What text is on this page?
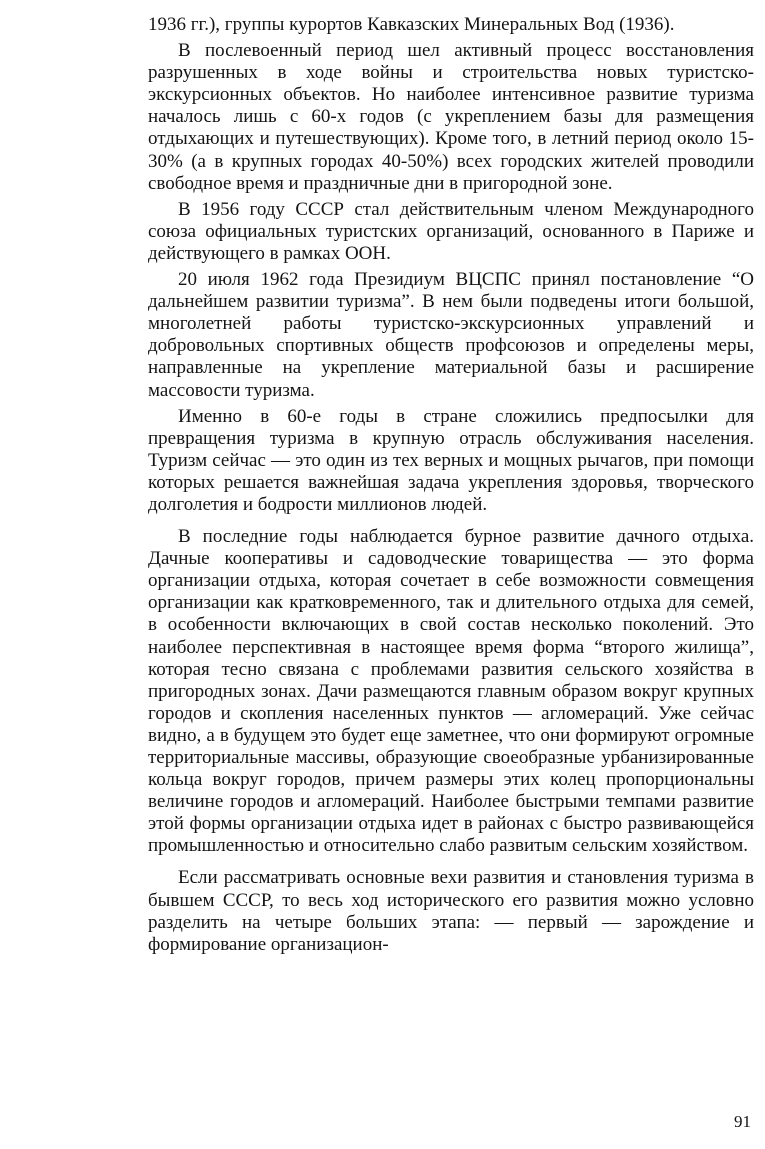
1936 гг.), группы курортов Кавказских Минеральных Вод (1936).

В послевоенный период шел активный процесс восстановления разрушенных в ходе войны и строительства новых туристско-экскурсионных объектов. Но наиболее интенсивное развитие туризма началось лишь с 60-х годов (с укреплением базы для размещения отдыхающих и путешествующих). Кроме того, в летний период около 15-30% (а в крупных городах 40-50%) всех городских жителей проводили свободное время и праздничные дни в пригородной зоне.

В 1956 году СССР стал действительным членом Международного союза официальных туристских организаций, основанного в Париже и действующего в рамках ООН.

20 июля 1962 года Президиум ВЦСПС принял постановление “О дальнейшем развитии туризма”. В нем были подведены итоги большой, многолетней работы туристско-экскурсионных управлений и добровольных спортивных обществ профсоюзов и определены меры, направленные на укрепление материальной базы и расширение массовости туризма.

Именно в 60-е годы в стране сложились предпосылки для превращения туризма в крупную отрасль обслуживания населения. Туризм сейчас — это один из тех верных и мощных рычагов, при помощи которых решается важнейшая задача укрепления здоровья, творческого долголетия и бодрости миллионов людей.

В последние годы наблюдается бурное развитие дачного отдыха. Дачные кооперативы и садоводческие товарищества — это форма организации отдыха, которая сочетает в себе возможности совмещения организации как кратковременного, так и длительного отдыха для семей, в особенности включающих в свой состав несколько поколений. Это наиболее перспективная в настоящее время форма “второго жилища”, которая тесно связана с проблемами развития сельского хозяйства в пригородных зонах. Дачи размещаются главным образом вокруг крупных городов и скопления населенных пунктов — агломераций. Уже сейчас видно, а в будущем это будет еще заметнее, что они формируют огромные территориальные массивы, образующие своеобразные урбанизированные кольца вокруг городов, причем размеры этих колец пропорциональны величине городов и агломераций. Наиболее быстрыми темпами развитие этой формы организации отдыха идет в районах с быстро развивающейся промышленностью и относительно слабо развитым сельским хозяйством.

Если рассматривать основные вехи развития и становления туризма в бывшем СССР, то весь ход исторического его развития можно условно разделить на четыре больших этапа: — первый — зарождение и формирование организацион-

91
